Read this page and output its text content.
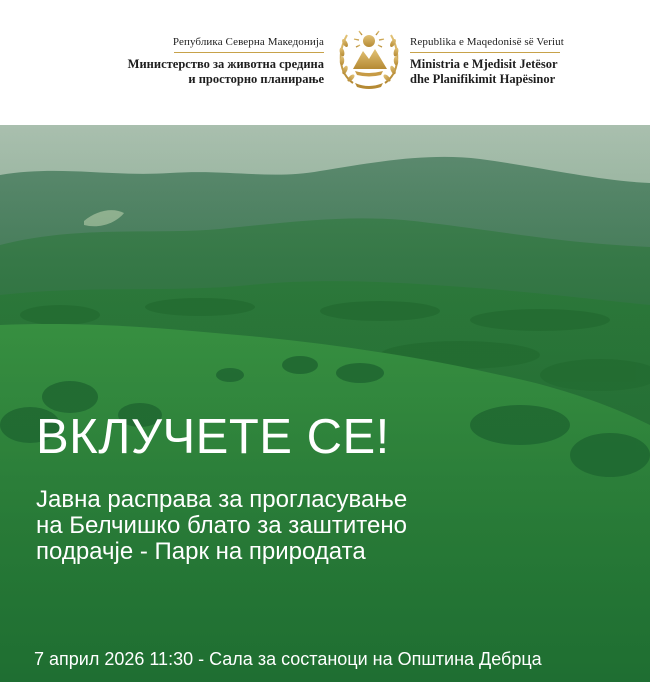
Република Северна Македонија
Министерство за животна средина
и просторно планирање
Republika e Maqedonisë së Veriut
Ministria e Mjedisit Jetësor
dhe Planifikimit Hapësinor
ВКЛУЧЕТЕ СЕ!
Јавна расправа за прогласување
на Белчишко блато за заштитено
подрачје - Парк на природата
7 април 2026 11:30 - Сала за состаноци на Општина Дебрца
